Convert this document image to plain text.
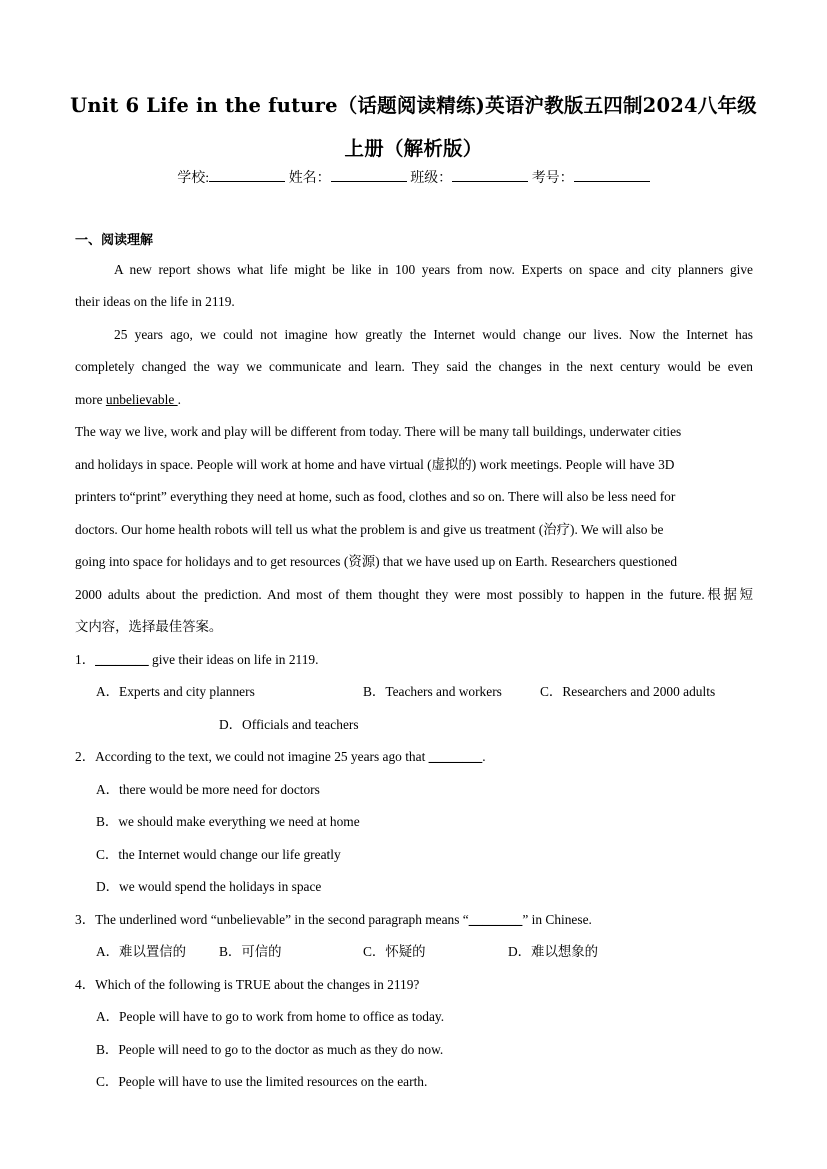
Unit 6 Life in the future（话题阅读精练)英语沪教版五四制2024八年级
上册（解析版）
学校:	姓名：	班级：	考号：
一、阅读理解
A new report shows what life might be like in 100 years from now. Experts on space and city planners give
their ideas on the life in 2119.
25 years ago, we could not imagine how greatly the Internet would change our lives. Now the Internet has
completely changed the way we communicate and learn. They said the changes in the next century would be even
more unbelievable .
The way we live, work and play will be different from today. There will be many tall buildings, underwater cities
and holidays in space. People will work at home and have virtual (虚拟的) work meetings. People will have 3D
printers to“print” everything they need at home, such as food, clothes and so on. There will also be less need for
doctors. Our home health robots will tell us what the problem is and give us treatment (治疗). We will also be
going into space for holidays and to get resources (资源) that we have used up on Earth. Researchers questioned
2000 adults about the prediction. And most of them thought they were most possibly to happen in the future.根据短
文内容，选择最佳答案。
1．________ give their ideas on life in 2119.
A．Experts and city planners	B．Teachers and workers	C．Researchers and 2000 adults
D．Officials and teachers
2．According to the text, we could not imagine 25 years ago that ________.
A．there would be more need for doctors
B．we should make everything we need at home
C．the Internet would change our life greatly
D．we would spend the holidays in space
3．The underlined word “unbelievable” in the second paragraph means “________” in Chinese.
A．难以置信的 B．可信的	C．怀疑的	D．难以想象的
4．Which of the following is TRUE about the changes in 2119?
A．People will have to go to work from home to office as today.
B．People will need to go to the doctor as much as they do now.
C．People will have to use the limited resources on the earth.
